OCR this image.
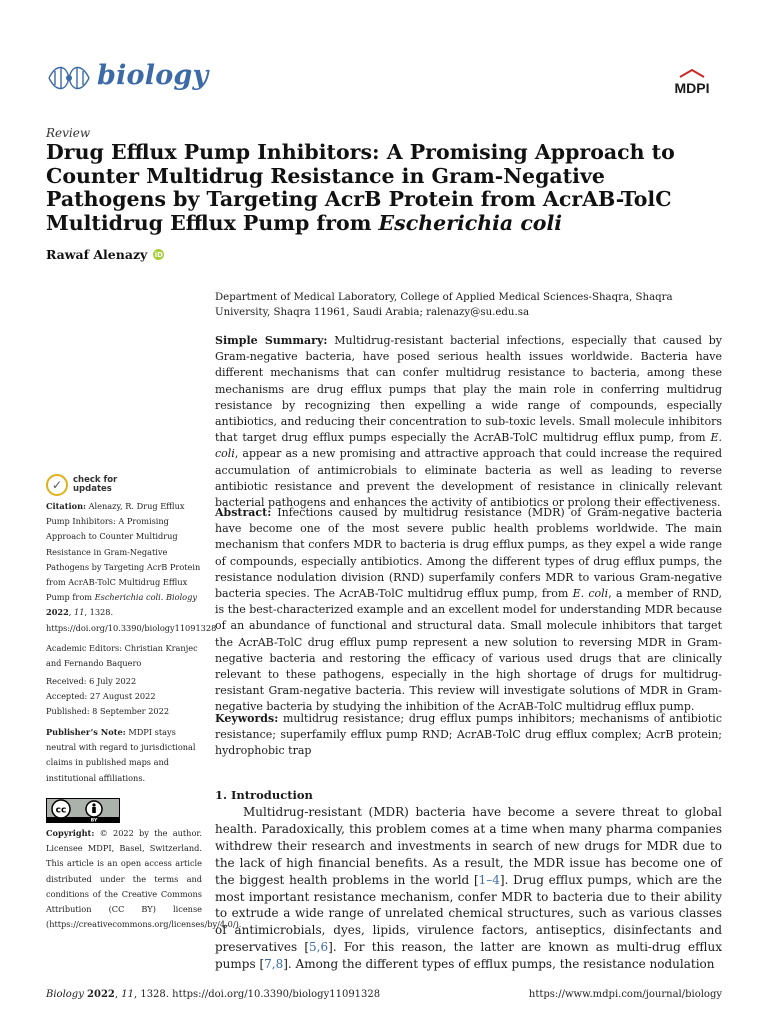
biology	MDPI
Review
Drug Efflux Pump Inhibitors: A Promising Approach to Counter Multidrug Resistance in Gram-Negative Pathogens by Targeting AcrB Protein from AcrAB-TolC Multidrug Efflux Pump from Escherichia coli
Rawaf Alenazy iD
Department of Medical Laboratory, College of Applied Medical Sciences-Shaqra, Shaqra University, Shaqra 11961, Saudi Arabia; ralenazy@su.edu.sa
Simple Summary: Multidrug-resistant bacterial infections, especially that caused by Gram-negative bacteria, have posed serious health issues worldwide. Bacteria have different mechanisms that can confer multidrug resistance to bacteria, among these mechanisms are drug efflux pumps that play the main role in conferring multidrug resistance by recognizing then expelling a wide range of compounds, especially antibiotics, and reducing their concentration to sub-toxic levels. Small molecule inhibitors that target drug efflux pumps especially the AcrAB-TolC multidrug efflux pump, from E. coli, appear as a new promising and attractive approach that could increase the required accumulation of antimicrobials to eliminate bacteria as well as leading to reverse antibiotic resistance and prevent the development of resistance in clinically relevant bacterial pathogens and enhances the activity of antibiotics or prolong their effectiveness.
Abstract: Infections caused by multidrug resistance (MDR) of Gram-negative bacteria have become one of the most severe public health problems worldwide. The main mechanism that confers MDR to bacteria is drug efflux pumps, as they expel a wide range of compounds, especially antibiotics. Among the different types of drug efflux pumps, the resistance nodulation division (RND) superfamily confers MDR to various Gram-negative bacteria species. The AcrAB-TolC multidrug efflux pump, from E. coli, a member of RND, is the best-characterized example and an excellent model for understanding MDR because of an abundance of functional and structural data. Small molecule inhibitors that target the AcrAB-TolC drug efflux pump represent a new solution to reversing MDR in Gram-negative bacteria and restoring the efficacy of various used drugs that are clinically relevant to these pathogens, especially in the high shortage of drugs for multidrug-resistant Gram-negative bacteria. This review will investigate solutions of MDR in Gram-negative bacteria by studying the inhibition of the AcrAB-TolC multidrug efflux pump.
Keywords: multidrug resistance; drug efflux pumps inhibitors; mechanisms of antibiotic resistance; superfamily efflux pump RND; AcrAB-TolC drug efflux complex; AcrB protein; hydrophobic trap
1. Introduction
Multidrug-resistant (MDR) bacteria have become a severe threat to global health. Paradoxically, this problem comes at a time when many pharma companies withdrew their research and investments in search of new drugs for MDR due to the lack of high financial benefits. As a result, the MDR issue has become one of the biggest health problems in the world [1–4]. Drug efflux pumps, which are the most important resistance mechanism, confer MDR to bacteria due to their ability to extrude a wide range of unrelated chemical structures, such as various classes of antimicrobials, dyes, lipids, virulence factors, antiseptics, disinfectants and preservatives [5,6]. For this reason, the latter are known as multi-drug efflux pumps [7,8]. Among the different types of efflux pumps, the resistance nodulation
✓	check for
updates
Citation: Alenazy, R. Drug Efflux Pump Inhibitors: A Promising Approach to Counter Multidrug Resistance in Gram-Negative Pathogens by Targeting AcrB Protein from AcrAB-TolC Multidrug Efflux Pump from Escherichia coli. Biology 2022, 11, 1328. https://doi.org/10.3390/biology11091328
Academic Editors: Christian Kranjec and Fernando Baquero
Received: 6 July 2022
Accepted: 27 August 2022
Published: 8 September 2022
Publisher’s Note: MDPI stays neutral with regard to jurisdictional claims in published maps and institutional affiliations.
cc
BY
Copyright: © 2022 by the author. Licensee MDPI, Basel, Switzerland. This article is an open access article distributed under the terms and conditions of the Creative Commons Attribution (CC BY) license (https://creativecommons.org/licenses/by/4.0/).
Biology 2022, 11, 1328. https://doi.org/10.3390/biology11091328	https://www.mdpi.com/journal/biology
